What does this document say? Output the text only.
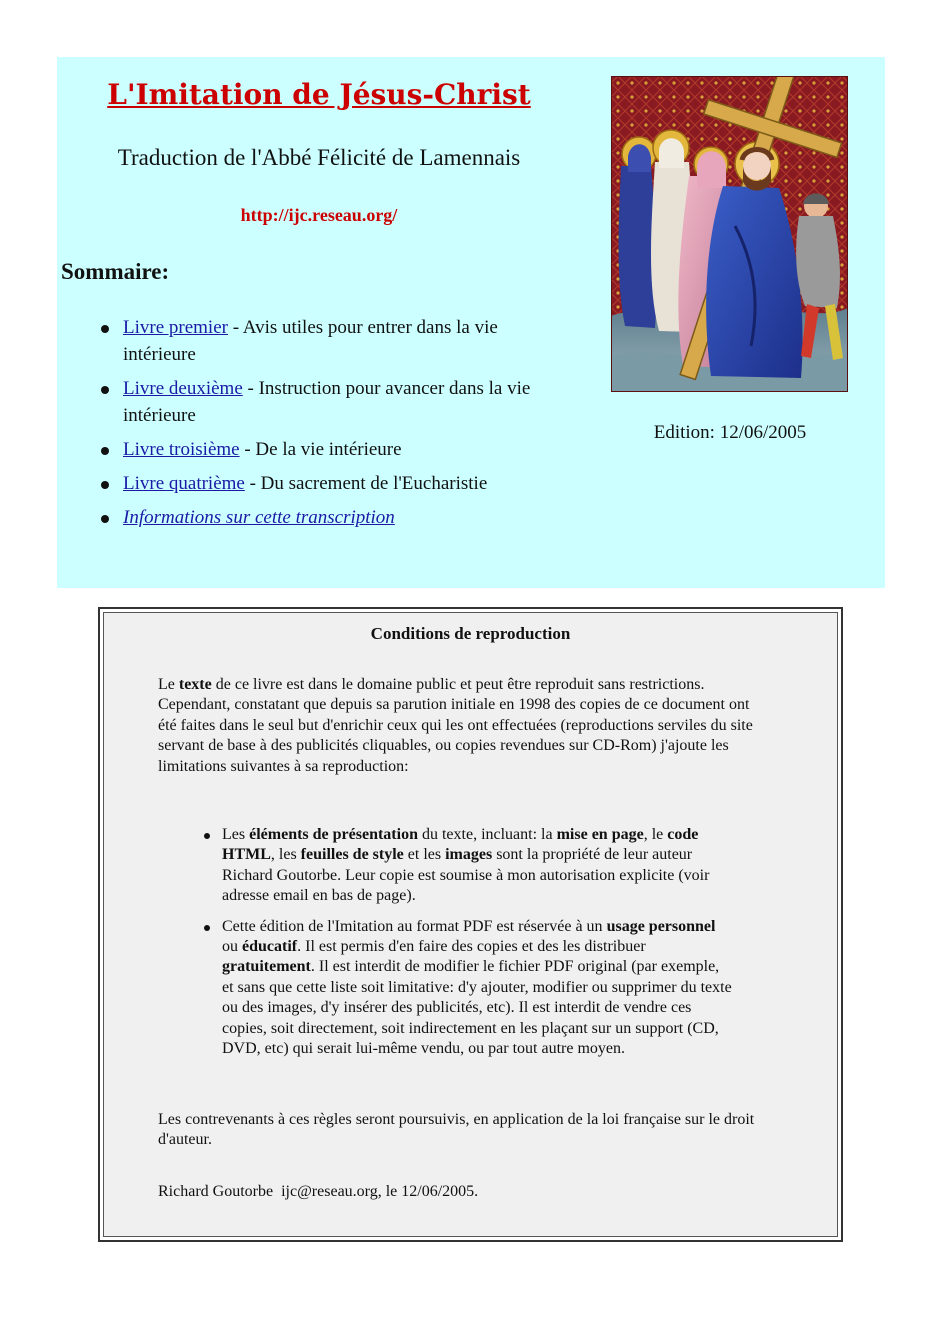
L'Imitation de Jésus-Christ
Traduction de l'Abbé Félicité de Lamennais
http://ijc.reseau.org/
Sommaire:
Livre premier - Avis utiles pour entrer dans la vie intérieure
Livre deuxième - Instruction pour avancer dans la vie intérieure
Livre troisième - De la vie intérieure
Livre quatrième - Du sacrement de l'Eucharistie
Informations sur cette transcription
Edition: 12/06/2005
Conditions de reproduction

Le texte de ce livre est dans le domaine public et peut être reproduit sans restrictions. Cependant, constatant que depuis sa parution initiale en 1998 des copies de ce document ont été faites dans le seul but d'enrichir ceux qui les ont effectuées (reproductions serviles du site servant de base à des publicités cliquables, ou copies revendues sur CD-Rom) j'ajoute les limitations suivantes à sa reproduction:

Les éléments de présentation du texte, incluant: la mise en page, le code HTML, les feuilles de style et les images sont la propriété de leur auteur Richard Goutorbe. Leur copie est soumise à mon autorisation explicite (voir adresse email en bas de page).
Cette édition de l'Imitation au format PDF est réservée à un usage personnel ou éducatif. Il est permis d'en faire des copies et des les distribuer gratuitement. Il est interdit de modifier le fichier PDF original (par exemple, et sans que cette liste soit limitative: d'y ajouter, modifier ou supprimer du texte ou des images, d'y insérer des publicités, etc). Il est interdit de vendre ces copies, soit directement, soit indirectement en les plaçant sur un support (CD, DVD, etc) qui serait lui-même vendu, ou par tout autre moyen.

Les contrevenants à ces règles seront poursuivis, en application de la loi française sur le droit d'auteur.

Richard Goutorbe  ijc@reseau.org, le 12/06/2005.
